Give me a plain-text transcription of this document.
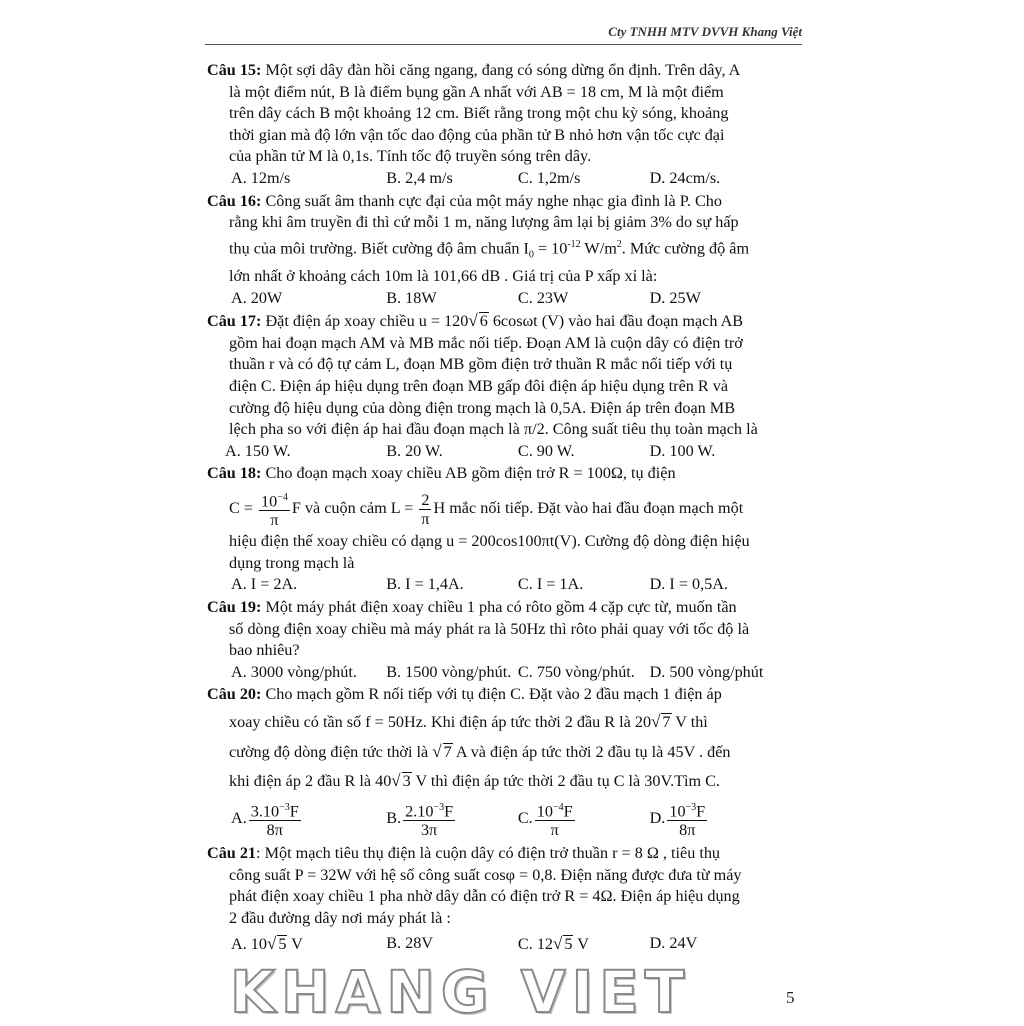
Cty TNHH MTV DVVH Khang Việt
Câu 15: Một sợi dây đàn hồi căng ngang, đang có sóng dừng ổn định. Trên dây, A
là một điểm nút, B là điểm bụng gần A nhất với AB = 18 cm, M là một điểm
trên dây cách B một khoảng 12 cm. Biết rằng trong một chu kỳ sóng, khoảng
thời gian mà độ lớn vận tốc dao động của phần tử B nhỏ hơn vận tốc cực đại
của phần tử M là 0,1s. Tính tốc độ truyền sóng trên dây.
A. 12m/s	B. 2,4 m/s	C. 1,2m/s	D. 24cm/s.
Câu 16: Công suất âm thanh cực đại của một máy nghe nhạc gia đình là P. Cho
rằng khi âm truyền đi thì cứ mỗi 1 m, năng lượng âm lại bị giảm 3% do sự hấp
thụ của môi trường. Biết cường độ âm chuẩn $I_0 = 10^{-12}$ $W/m^2$. Mức cường độ âm
lớn nhất ở khoảng cách 10m là 101,66 dB . Giá trị của P xấp xỉ là:
A. 20W	B. 18W	C. 23W	D. 25W
Câu 17: Đặt điện áp xoay chiều u = 120√ 6 6cosωt (V) vào hai đầu đoạn mạch AB
gồm hai đoạn mạch AM và MB mắc nối tiếp. Đoạn AM là cuộn dây có điện trở
thuần r và có độ tự cảm L, đoạn MB gồm điện trở thuần R mắc nối tiếp với tụ
điện C. Điện áp hiệu dụng trên đoạn MB gấp đôi điện áp hiệu dụng trên R và
cường độ hiệu dụng của dòng điện trong mạch là 0,5A. Điện áp trên đoạn MB
lệch pha so với điện áp hai đầu đoạn mạch là π/2. Công suất tiêu thụ toàn mạch là
A. 150 W.	B. 20 W.	C. 90 W.	D. 100 W.
Câu 18: Cho đoạn mạch xoay chiều AB gồm điện trở R = 100Ω, tụ điện
$C = \frac{10^{-4}}{\pi}$ F và cuộn cảm $L = \frac{2}{\pi}$ H mắc nối tiếp. Đặt vào hai đầu đoạn mạch một
hiệu điện thế xoay chiều có dạng u = 200cos100πt(V). Cường độ dòng điện hiệu
dụng trong mạch là
A. I = 2A.	B. I = 1,4A.	C. I = 1A.	D. I = 0,5A.
Câu 19: Một máy phát điện xoay chiều 1 pha có rôto gồm 4 cặp cực từ, muốn tần
số dòng điện xoay chiều mà máy phát ra là 50Hz thì rôto phải quay với tốc độ là
bao nhiêu?
A. 3000 vòng/phút.	B. 1500 vòng/phút. C. 750 vòng/phút. D. 500 vòng/phút
Câu 20: Cho mạch gồm R nối tiếp với tụ điện C. Đặt vào 2 đầu mạch 1 điện áp
xoay chiều có tần số f = 50Hz. Khi điện áp tức thời 2 đầu R là 20√ 7 V thì
cường độ dòng điện tức thời là √ 7 A và điện áp tức thời 2 đầu tụ là 45V . đến
khi điện áp 2 đầu R là 40√ 3 V thì điện áp tức thời 2 đầu tụ C là 30V.Tìm C.
A. $\frac{3.10^{-3}F}{8\pi}$	B. $\frac{2.10^{-3}F}{3\pi}$	C. $\frac{10^{-4}F}{\pi}$	D. $\frac{10^{-3}F}{8\pi}$
Câu 21: Một mạch tiêu thụ điện là cuộn dây có điện trở thuần r = 8 Ω , tiêu thụ
công suất P = 32W với hệ số công suất cosφ = 0,8. Điện năng được đưa từ máy
phát điện xoay chiều 1 pha nhờ dây dẫn có điện trở R = 4Ω. Điện áp hiệu dụng
2 đầu đường dây nơi máy phát là :
A. 10√ 5 V	B. 28V	C. 12√ 5 V	D. 24V
KHANG VIET	5
